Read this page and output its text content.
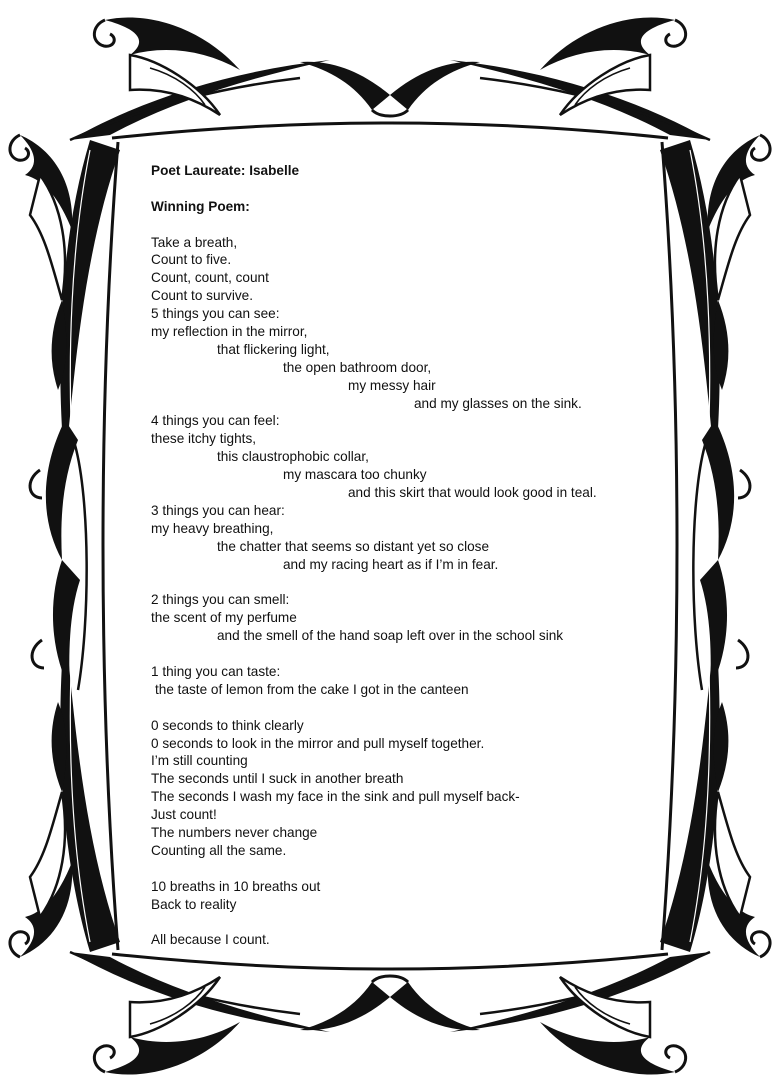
Poet Laureate: Isabelle
Winning Poem:
Take a breath,
Count to five.
Count, count, count
Count to survive.
5 things you can see:
my reflection in the mirror,
that flickering light,
the open bathroom door,
my messy hair
and my glasses on the sink.
4 things you can feel:
these itchy tights,
this claustrophobic collar,
my mascara too chunky
and this skirt that would look good in teal.
3 things you can hear:
my heavy breathing,
the chatter that seems so distant yet so close
and my racing heart as if I’m in fear.
2 things you can smell:
the scent of my perfume
and the smell of the hand soap left over in the school sink
1 thing you can taste:
the taste of lemon from the cake I got in the canteen
0 seconds to think clearly
0 seconds to look in the mirror and pull myself together.
I’m still counting
The seconds until I suck in another breath
The seconds I wash my face in the sink and pull myself back-
Just count!
The numbers never change
Counting all the same.
10 breaths in 10 breaths out
Back to reality
All because I count.
